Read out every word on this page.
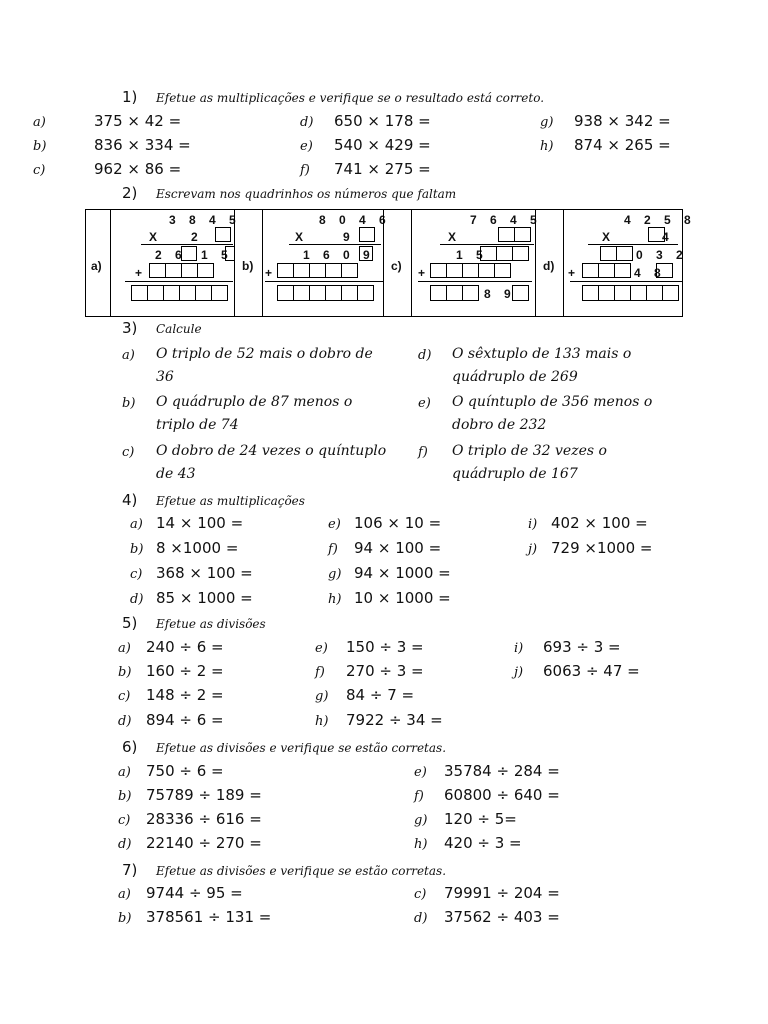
1) Efetue as multiplicações e verifique se o resultado está correto.
a)	375 × 42 =
b)	836 × 334 =
c)	962 × 86 =
d) 650 × 178 =
e) 540 × 429 =
f) 741 × 275 =
g) 938 × 342 =
h) 874 × 265 =
2) Escrevam nos quadrinhos os números que faltam
a)
3 8 4 5
X 2
2 6 1 5
+	b)
8 0 4 6
X	9
1 6 0 9
+	c)
7 6 4 5
X
1 5
+
8 9
d)
4 2 5 8
X	4
0 3 2
+	4 8
3) Calcule
a) O triplo de 52 mais o dobro de
36
b) O quádruplo de 87 menos o
triplo de 74
c) O dobro de 24 vezes o quíntuplo
de 43
d) O sêxtuplo de 133 mais o
quádruplo de 269
e) O quíntuplo de 356 menos o
dobro de 232
f) O triplo de 32 vezes o
quádruplo de 167
4) Efetue as multiplicações
a) 14 × 100 =
b) 8 ×1000 =
c) 368 × 100 =
d) 85 × 1000 =
e) 106 × 10 =
f) 94 × 100 =
g) 94 × 1000 =
h) 10 × 1000 =
i) 402 × 100 =
j) 729 ×1000 =
5) Efetue as divisões
a) 240 ÷ 6 =
b) 160 ÷ 2 =
c) 148 ÷ 2 =
d) 894 ÷ 6 =
e) 150 ÷ 3 =
f) 270 ÷ 3 =
g) 84 ÷ 7 =
h) 7922 ÷ 34 =
i) 693 ÷ 3 =
j) 6063 ÷ 47 =
6) Efetue as divisões e verifique se estão corretas.
a) 750 ÷ 6 =
b) 75789 ÷ 189 =
c) 28336 ÷ 616 =
d) 22140 ÷ 270 =
e) 35784 ÷ 284 =
f) 60800 ÷ 640 =
g) 120 ÷ 5=
h) 420 ÷ 3 =
7) Efetue as divisões e verifique se estão corretas.
a) 9744 ÷ 95 =
b) 378561 ÷ 131 =
c) 79991 ÷ 204 =
d) 37562 ÷ 403 =
